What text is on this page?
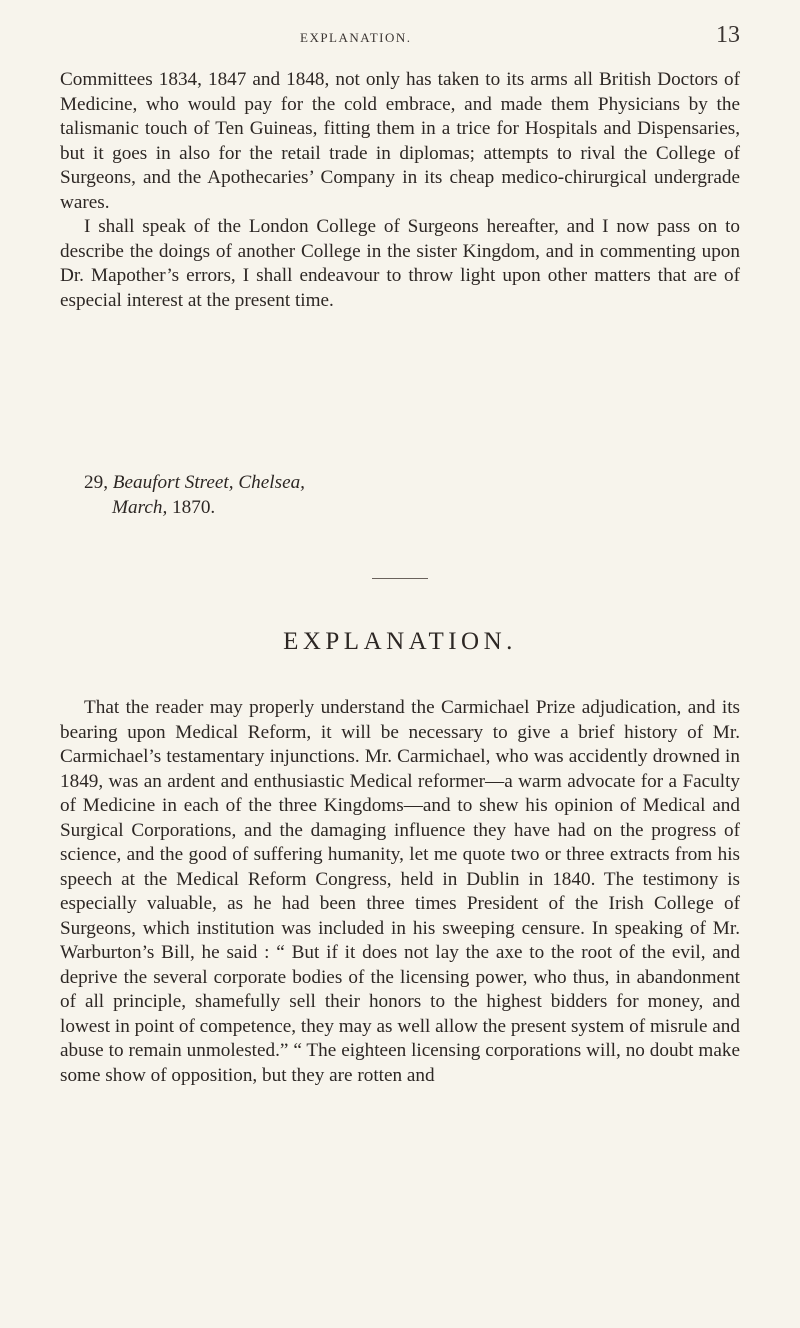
EXPLANATION.	13

Committees 1834, 1847 and 1848, not only has taken to its arms all British Doctors of Medicine, who would pay for the cold embrace, and made them Physicians by the talismanic touch of Ten Guineas, fitting them in a trice for Hospitals and Dispensaries, but it goes in also for the retail trade in diplomas; attempts to rival the College of Surgeons, and the Apothecaries’ Company in its cheap medico-chirurgical undergrade wares.

I shall speak of the London College of Surgeons hereafter, and I now pass on to describe the doings of another College in the sister Kingdom, and in commenting upon Dr. Mapother’s errors, I shall endeavour to throw light upon other matters that are of especial interest at the present time.

29, Beaufort Street, Chelsea,
March, 1870.
EXPLANATION.

That the reader may properly understand the Carmichael Prize adjudication, and its bearing upon Medical Reform, it will be necessary to give a brief history of Mr. Carmichael’s testamentary injunctions. Mr. Carmichael, who was accidently drowned in 1849, was an ardent and enthusiastic Medical reformer—a warm advocate for a Faculty of Medicine in each of the three Kingdoms—and to shew his opinion of Medical and Surgical Corporations, and the damaging influence they have had on the progress of science, and the good of suffering humanity, let me quote two or three extracts from his speech at the Medical Reform Congress, held in Dublin in 1840. The testimony is especially valuable, as he had been three times President of the Irish College of Surgeons, which institution was included in his sweeping censure. In speaking of Mr. Warburton’s Bill, he said : “ But if it does not lay the axe to the root of the evil, and deprive the several corporate bodies of the licensing power, who thus, in abandonment of all principle, shamefully sell their honors to the highest bidders for money, and lowest in point of competence, they may as well allow the present system of misrule and abuse to remain unmolested.” “ The eighteen licensing corporations will, no doubt make some show of opposition, but they are rotten and
